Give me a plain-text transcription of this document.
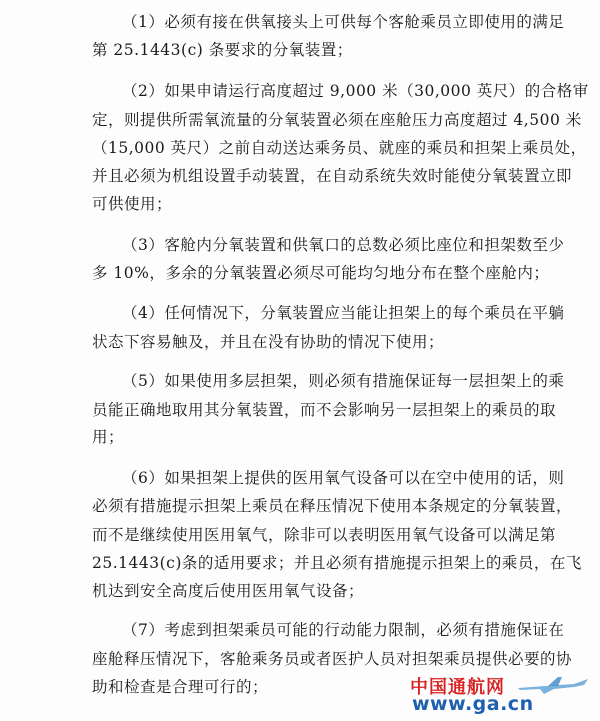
（1）必须有接在供氧接头上可供每个客舱乘员立即使用的满足
第 25.1443(c) 条要求的分氧装置；
（2）如果申请运行高度超过 9,000 米（30,000 英尺）的合格审
定，则提供所需氧流量的分氧装置必须在座舱压力高度超过 4,500 米
（15,000 英尺）之前自动送达乘务员、就座的乘员和担架上乘员处，
并且必须为机组设置手动装置，在自动系统失效时能使分氧装置立即
可供使用；
（3）客舱内分氧装置和供氧口的总数必须比座位和担架数至少
多 10%，多余的分氧装置必须尽可能均匀地分布在整个座舱内；
（4）任何情况下，分氧装置应当能让担架上的每个乘员在平躺
状态下容易触及，并且在没有协助的情况下使用；
（5）如果使用多层担架，则必须有措施保证每一层担架上的乘
员能正确地取用其分氧装置，而不会影响另一层担架上的乘员的取
用；
（6）如果担架上提供的医用氧气设备可以在空中使用的话，则
必须有措施提示担架上乘员在释压情况下使用本条规定的分氧装置，
而不是继续使用医用氧气，除非可以表明医用氧气设备可以满足第
25.1443(c)条的适用要求；并且必须有措施提示担架上的乘员，在飞
机达到安全高度后使用医用氧气设备；
（7）考虑到担架乘员可能的行动能力限制，必须有措施保证在
座舱释压情况下，客舱乘务员或者医护人员对担架乘员提供必要的协
助和检查是合理可行的；	中国通航网
www.ga.cn
